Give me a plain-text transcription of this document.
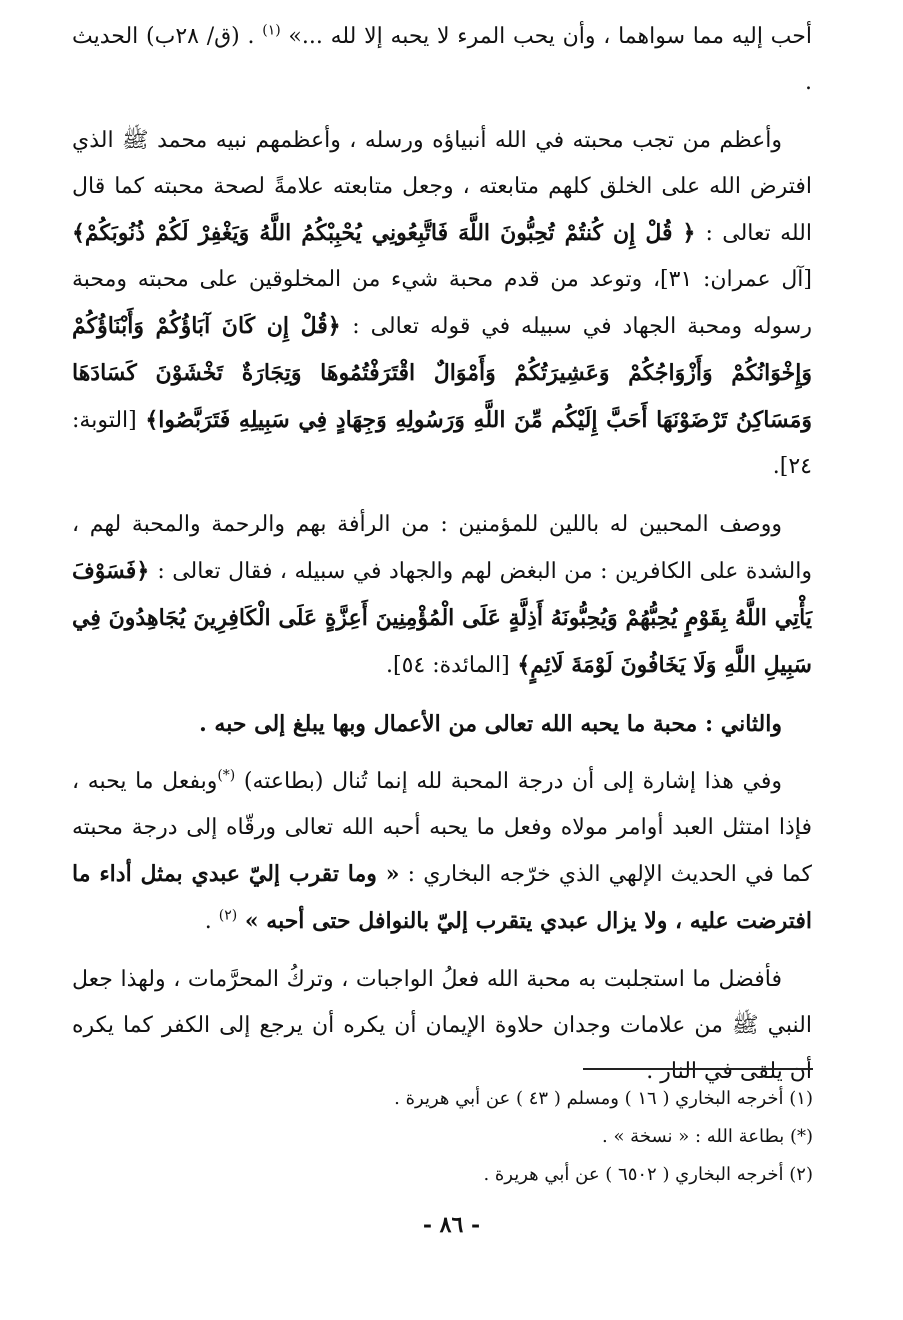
أحب إليه مما سواهما ، وأن يحب المرء لا يحبه إلا لله ...» $^{(١)}$ . (ق/ ٢٨ب) الحديث .

وأعظم من تجب محبته في الله أنبياؤه ورسله ، وأعظمهم نبيه محمد ﷺ الذي افترض الله على الخلق كلهم متابعته ، وجعل متابعته علامةً لصحة محبته كما قال الله تعالى : ﴿ قُلْ إِن كُنتُمْ تُحِبُّونَ اللَّهَ فَاتَّبِعُونِي يُحْبِبْكُمُ اللَّهُ وَيَغْفِرْ لَكُمْ ذُنُوبَكُمْ﴾ [آل عمران: ٣١]، وتوعد من قدم محبة شيء من المخلوقين على محبته ومحبة رسوله ومحبة الجهاد في سبيله في قوله تعالى : ﴿قُلْ إِن كَانَ آبَاؤُكُمْ وَأَبْنَاؤُكُمْ وَإِخْوَانُكُمْ وَأَزْوَاجُكُمْ وَعَشِيرَتُكُمْ وَأَمْوَالٌ اقْتَرَفْتُمُوهَا وَتِجَارَةٌ تَخْشَوْنَ كَسَادَهَا وَمَسَاكِنُ تَرْضَوْنَهَا أَحَبَّ إِلَيْكُم مِّنَ اللَّهِ وَرَسُولِهِ وَجِهَادٍ فِي سَبِيلِهِ فَتَرَبَّصُوا﴾ [التوبة: ٢٤].

ووصف المحبين له باللين للمؤمنين : من الرأفة بهم والرحمة والمحبة لهم ، والشدة على الكافرين : من البغض لهم والجهاد في سبيله ، فقال تعالى : ﴿فَسَوْفَ يَأْتِي اللَّهُ بِقَوْمٍ يُحِبُّهُمْ وَيُحِبُّونَهُ أَذِلَّةٍ عَلَى الْمُؤْمِنِينَ أَعِزَّةٍ عَلَى الْكَافِرِينَ يُجَاهِدُونَ فِي سَبِيلِ اللَّهِ وَلَا يَخَافُونَ لَوْمَةَ لَائِمٍ﴾ [المائدة: ٥٤].

والثاني : محبة ما يحبه الله تعالى من الأعمال وبها يبلغ إلى حبه .

وفي هذا إشارة إلى أن درجة المحبة لله إنما تُنال (بطاعته) (*)وبفعل ما يحبه ، فإذا امتثل العبد أوامر مولاه وفعل ما يحبه أحبه الله تعالى ورقّاه إلى درجة محبته كما في الحديث الإلهي الذي خرّجه البخاري : « وما تقرب إليّ عبدي بمثل أداء ما افترضت عليه ، ولا يزال عبدي يتقرب إليّ بالنوافل حتى أحبه » $^{(٢)}$ .

فأفضل ما استجلبت به محبة الله فعلُ الواجبات ، وتركُ المحرَّمات ، ولهذا جعل النبي ﷺ من علامات وجدان حلاوة الإيمان أن يكره أن يرجع إلى الكفر كما يكره أن يلقى في النار .

(١) أخرجه البخاري ( ١٦ ) ومسلم ( ٤٣ ) عن أبي هريرة .

(*) بطاعة الله : « نسخة » .

(٢) أخرجه البخاري ( ٦٥٠٢ ) عن أبي هريرة .

- ٨٦ -
